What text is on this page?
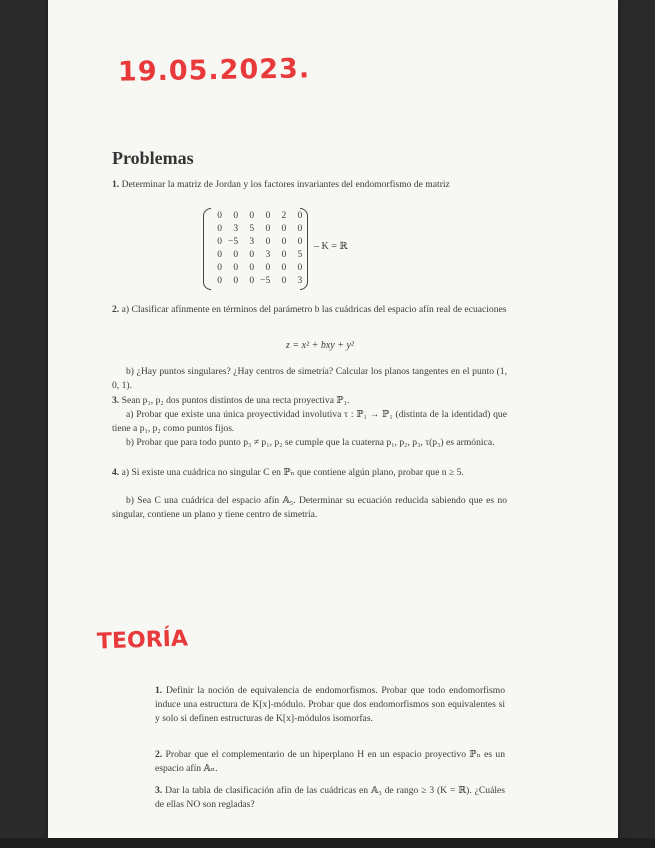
19.05.2023.
Problemas
1. Determinar la matriz de Jordan y los factores invariantes del endomorfismo de matriz
0	0	0	0	2	0
0	3	5	0	0	0
0	−5	3	0	0	0
0	0	0	3	0	5
0	0	0	0	0	0
0	0	0	−5	0	3
– K = ℝ
2. a) Clasificar afínmente en términos del parámetro b las cuádricas del espacio afín real de ecuaciones
z = x² + bxy + y²
b) ¿Hay puntos singulares? ¿Hay centros de simetría? Calcular los planos tangentes en el punto (1, 0, 1).
3. Sean p₁, p₂ dos puntos distintos de una recta proyectiva ℙ₁.
a) Probar que existe una única proyectividad involutiva τ : ℙ₁ → ℙ₁ (distinta de la identidad) que tiene a p₁, p₂ como puntos fijos.
b) Probar que para todo punto p₃ ≠ p₁, p₂ se cumple que la cuaterna p₁, p₂, p₃, τ(p₃) es armónica.
4. a) Si existe una cuádrica no singular C en ℙₙ que contiene algún plano, probar que n ≥ 5.
b) Sea C una cuádrica del espacio afín 𝔸₅. Determinar su ecuación reducida sabiendo que es no singular, contiene un plano y tiene centro de simetría.
TEORÍA
1. Definir la noción de equivalencia de endomorfismos. Probar que todo endomorfismo induce una estructura de K[x]-módulo. Probar que dos endomorfismos son equivalentes si y solo si definen estructuras de K[x]-módulos isomorfas.
2. Probar que el complementario de un hiperplano H en un espacio proyectivo ℙₙ es un espacio afín 𝔸ₙ.
3. Dar la tabla de clasificación afín de las cuádricas en 𝔸₃ de rango ≥ 3 (K = ℝ). ¿Cuáles de ellas NO son regladas?
